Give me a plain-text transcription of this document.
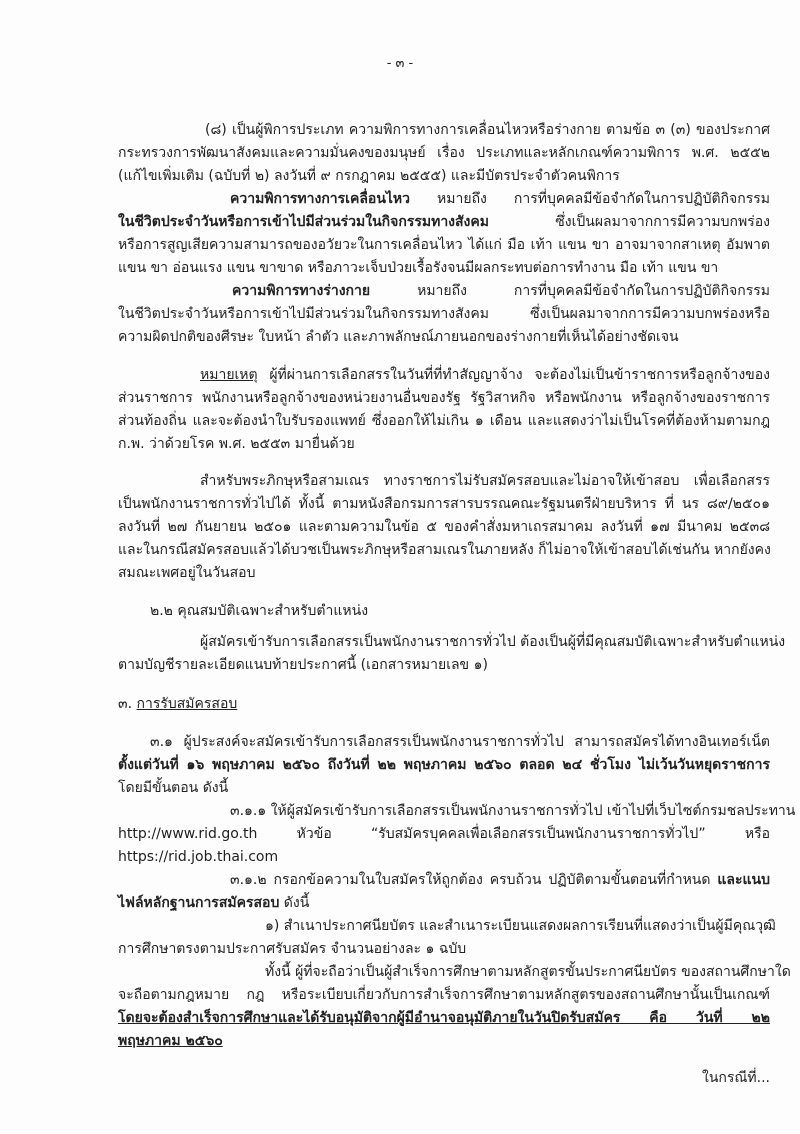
- ๓ -
(๘) เป็นผู้พิการประเภท ความพิการทางการเคลื่อนไหวหรือร่างกาย ตามข้อ ๓ (๓) ของประกาศ
กระทรวงการพัฒนาสังคมและความมั่นคงของมนุษย์ เรื่อง ประเภทและหลักเกณฑ์ความพิการ พ.ศ. ๒๕๕๒
(แก้ไขเพิ่มเติม (ฉบับที่ ๒) ลงวันที่ ๙ กรกฎาคม ๒๕๕๕) และมีบัตรประจำตัวคนพิการ
ความพิการทางการเคลื่อนไหว หมายถึง การที่บุคคลมีข้อจำกัดในการปฏิบัติกิจกรรม
ในชีวิตประจำวันหรือการเข้าไปมีส่วนร่วมในกิจกรรมทางสังคม ซึ่งเป็นผลมาจากการมีความบกพร่อง
หรือการสูญเสียความสามารถของอวัยวะในการเคลื่อนไหว ได้แก่ มือ เท้า แขน ขา อาจมาจากสาเหตุ อัมพาต
แขน ขา อ่อนแรง แขน ขาขาด หรือภาวะเจ็บป่วยเรื้อรังจนมีผลกระทบต่อการทำงาน มือ เท้า แขน ขา
ความพิการทางร่างกาย หมายถึง การที่บุคคลมีข้อจำกัดในการปฏิบัติกิจกรรม
ในชีวิตประจำวันหรือการเข้าไปมีส่วนร่วมในกิจกรรมทางสังคม ซึ่งเป็นผลมาจากการมีความบกพร่องหรือ
ความผิดปกติของศีรษะ ใบหน้า ลำตัว และภาพลักษณ์ภายนอกของร่างกายที่เห็นได้อย่างชัดเจน
หมายเหตุ ผู้ที่ผ่านการเลือกสรรในวันที่ที่ทำสัญญาจ้าง จะต้องไม่เป็นข้าราชการหรือลูกจ้างของ
ส่วนราชการ พนักงานหรือลูกจ้างของหน่วยงานอื่นของรัฐ รัฐวิสาหกิจ หรือพนักงาน หรือลูกจ้างของราชการ
ส่วนท้องถิ่น และจะต้องนำใบรับรองแพทย์ ซึ่งออกให้ไม่เกิน ๑ เดือน และแสดงว่าไม่เป็นโรคที่ต้องห้ามตามกฎ
ก.พ. ว่าด้วยโรค พ.ศ. ๒๕๕๓ มายื่นด้วย
สำหรับพระภิกษุหรือสามเณร ทางราชการไม่รับสมัครสอบและไม่อาจให้เข้าสอบ เพื่อเลือกสรร
เป็นพนักงานราชการทั่วไปได้ ทั้งนี้ ตามหนังสือกรมการสารบรรณคณะรัฐมนตรีฝ่ายบริหาร ที่ นร ๘๙/๒๕๐๑
ลงวันที่ ๒๗ กันยายน ๒๕๐๑ และตามความในข้อ ๕ ของคำสั่งมหาเถรสมาคม ลงวันที่ ๑๗ มีนาคม ๒๕๓๘
และในกรณีสมัครสอบแล้วได้บวชเป็นพระภิกษุหรือสามเณรในภายหลัง ก็ไม่อาจให้เข้าสอบได้เช่นกัน หากยังคง
สมณะเพศอยู่ในวันสอบ
๒.๒ คุณสมบัติเฉพาะสำหรับตำแหน่ง
ผู้สมัครเข้ารับการเลือกสรรเป็นพนักงานราชการทั่วไป ต้องเป็นผู้ที่มีคุณสมบัติเฉพาะสำหรับตำแหน่ง
ตามบัญชีรายละเอียดแนบท้ายประกาศนี้ (เอกสารหมายเลข ๑)
๓. การรับสมัครสอบ
๓.๑ ผู้ประสงค์จะสมัครเข้ารับการเลือกสรรเป็นพนักงานราชการทั่วไป สามารถสมัครได้ทางอินเทอร์เน็ต
ตั้งแต่วันที่ ๑๖ พฤษภาคม ๒๕๖๐ ถึงวันที่ ๒๒ พฤษภาคม ๒๕๖๐ ตลอด ๒๔ ชั่วโมง ไม่เว้นวันหยุดราชการ
โดยมีขั้นตอน ดังนี้
๓.๑.๑ ให้ผู้สมัครเข้ารับการเลือกสรรเป็นพนักงานราชการทั่วไป เข้าไปที่เว็บไซต์กรมชลประทาน
http://www.rid.go.th หัวข้อ “รับสมัครบุคคลเพื่อเลือกสรรเป็นพนักงานราชการทั่วไป” หรือ
https://rid.job.thai.com
๓.๑.๒ กรอกข้อความในใบสมัครให้ถูกต้อง ครบถ้วน ปฏิบัติตามขั้นตอนที่กำหนด และแนบ
ไฟล์หลักฐานการสมัครสอบ ดังนี้
๑) สำเนาประกาศนียบัตร และสำเนาระเบียนแสดงผลการเรียนที่แสดงว่าเป็นผู้มีคุณวุฒิ
การศึกษาตรงตามประกาศรับสมัคร จำนวนอย่างละ ๑ ฉบับ
ทั้งนี้ ผู้ที่จะถือว่าเป็นผู้สำเร็จการศึกษาตามหลักสูตรขั้นประกาศนียบัตร ของสถานศึกษาใด
จะถือตามกฎหมาย กฎ หรือระเบียบเกี่ยวกับการสำเร็จการศึกษาตามหลักสูตรของสถานศึกษานั้นเป็นเกณฑ์
โดยจะต้องสำเร็จการศึกษาและได้รับอนุมัติจากผู้มีอำนาจอนุมัติภายในวันปิดรับสมัคร คือ วันที่ ๒๒
พฤษภาคม ๒๕๖๐
ในกรณีที่...
